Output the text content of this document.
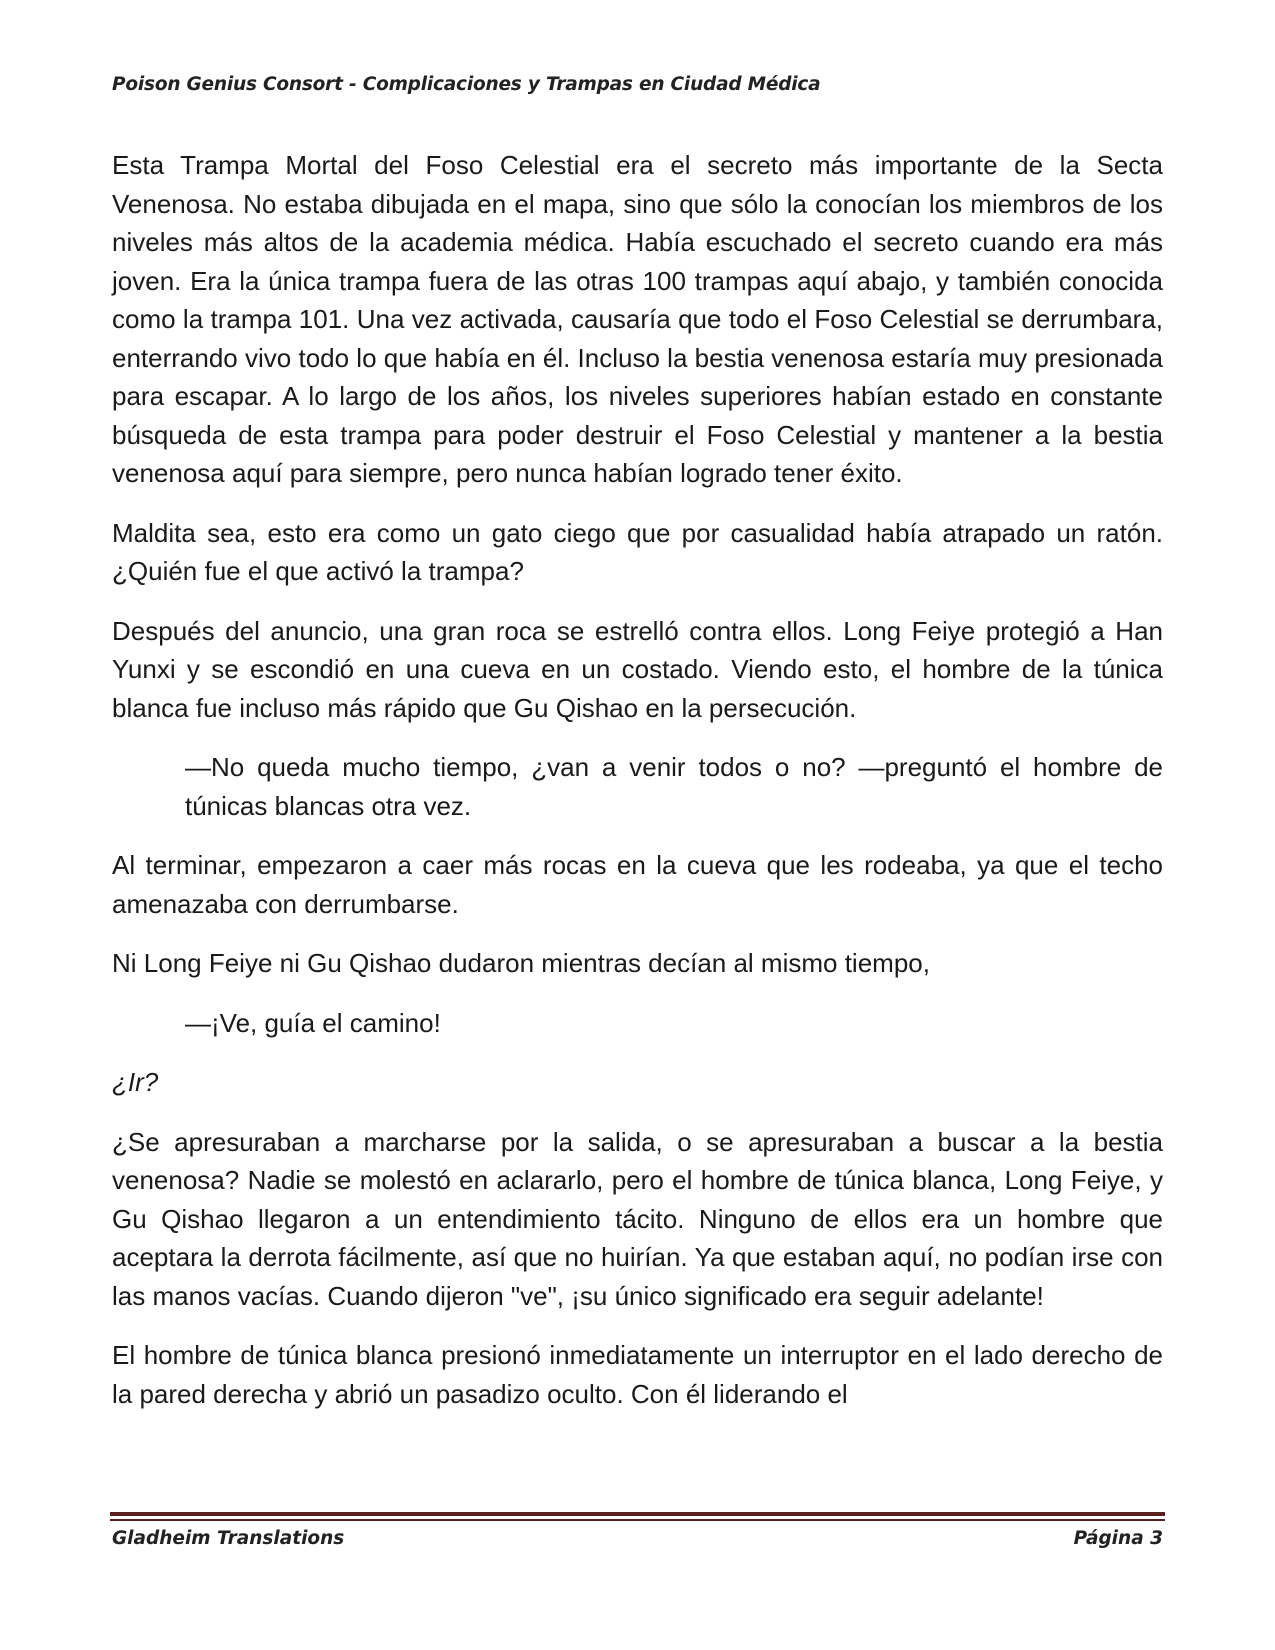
Poison Genius Consort - Complicaciones y Trampas en Ciudad Médica

Esta Trampa Mortal del Foso Celestial era el secreto más importante de la Secta Venenosa. No estaba dibujada en el mapa, sino que sólo la conocían los miembros de los niveles más altos de la academia médica. Había escuchado el secreto cuando era más joven. Era la única trampa fuera de las otras 100 trampas aquí abajo, y también conocida como la trampa 101. Una vez activada, causaría que todo el Foso Celestial se derrumbara, enterrando vivo todo lo que había en él. Incluso la bestia venenosa estaría muy presionada para escapar. A lo largo de los años, los niveles superiores habían estado en constante búsqueda de esta trampa para poder destruir el Foso Celestial y mantener a la bestia venenosa aquí para siempre, pero nunca habían logrado tener éxito.

Maldita sea, esto era como un gato ciego que por casualidad había atrapado un ratón. ¿Quién fue el que activó la trampa?

Después del anuncio, una gran roca se estrelló contra ellos. Long Feiye protegió a Han Yunxi y se escondió en una cueva en un costado. Viendo esto, el hombre de la túnica blanca fue incluso más rápido que Gu Qishao en la persecución.

—No queda mucho tiempo, ¿van a venir todos o no? —preguntó el hombre de túnicas blancas otra vez.

Al terminar, empezaron a caer más rocas en la cueva que les rodeaba, ya que el techo amenazaba con derrumbarse.

Ni Long Feiye ni Gu Qishao dudaron mientras decían al mismo tiempo,

—¡Ve, guía el camino!

¿Ir?

¿Se apresuraban a marcharse por la salida, o se apresuraban a buscar a la bestia venenosa? Nadie se molestó en aclararlo, pero el hombre de túnica blanca, Long Feiye, y Gu Qishao llegaron a un entendimiento tácito. Ninguno de ellos era un hombre que aceptara la derrota fácilmente, así que no huirían. Ya que estaban aquí, no podían irse con las manos vacías. Cuando dijeron "ve", ¡su único significado era seguir adelante!

El hombre de túnica blanca presionó inmediatamente un interruptor en el lado derecho de la pared derecha y abrió un pasadizo oculto. Con él liderando el

Gladheim Translations	Página 3
